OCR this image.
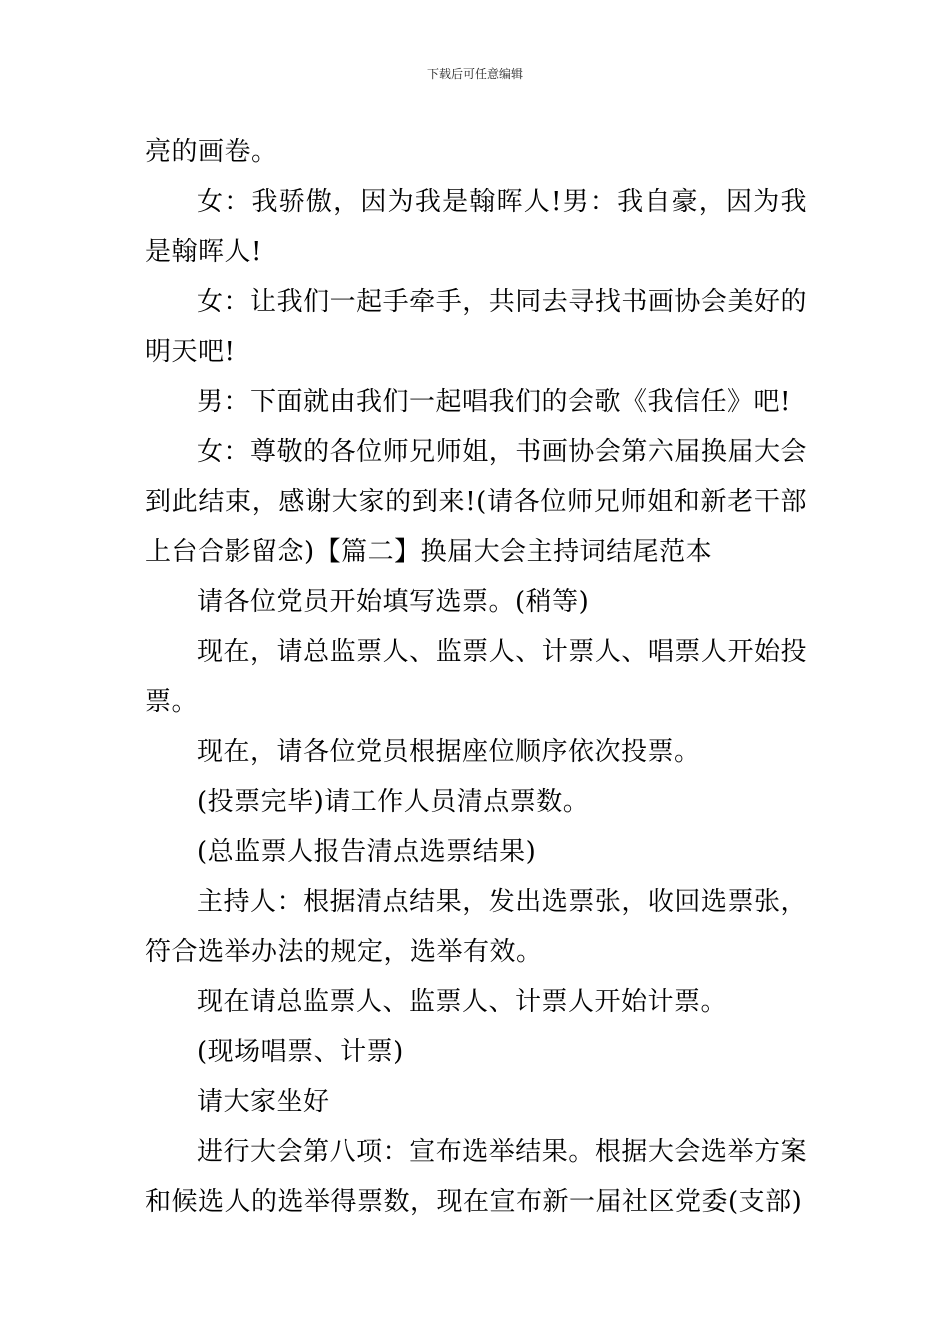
下载后可任意编辑

亮的画卷。

女：我骄傲，因为我是翰晖人!男：我自豪，因为我是翰晖人!

女：让我们一起手牵手，共同去寻找书画协会美好的明天吧!

男：下面就由我们一起唱我们的会歌《我信任》吧!

女：尊敬的各位师兄师姐，书画协会第六届换届大会到此结束，感谢大家的到来!(请各位师兄师姐和新老干部上台合影留念)【篇二】换届大会主持词结尾范本

请各位党员开始填写选票。(稍等)

现在，请总监票人、监票人、计票人、唱票人开始投票。

现在，请各位党员根据座位顺序依次投票。

(投票完毕)请工作人员清点票数。

(总监票人报告清点选票结果)

主持人：根据清点结果，发出选票张，收回选票张，符合选举办法的规定，选举有效。

现在请总监票人、监票人、计票人开始计票。

(现场唱票、计票)

请大家坐好

进行大会第八项：宣布选举结果。根据大会选举方案和候选人的选举得票数，现在宣布新一届社区党委(支部)
